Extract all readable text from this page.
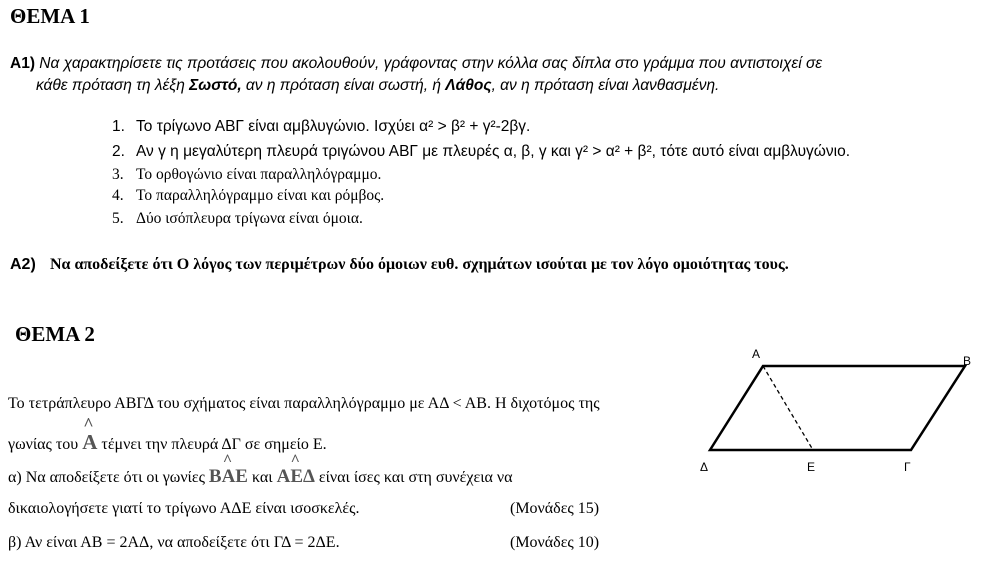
ΘΕΜΑ 1
A1) Να χαρακτηρίσετε τις προτάσεις που ακολουθούν, γράφοντας στην κόλλα σας δίπλα στο γράμμα που αντιστοιχεί σε
κάθε πρόταση τη λέξη Σωστό, αν η πρόταση είναι σωστή, ή Λάθος, αν η πρόταση είναι λανθασμένη.
1. Το τρίγωνο ΑΒΓ είναι αμβλυγώνιο. Ισχύει α² > β² + γ²-2βγ.
2. Αν γ η μεγαλύτερη πλευρά τριγώνου ΑΒΓ με πλευρές α, β, γ και γ² > α² + β², τότε αυτό είναι αμβλυγώνιο.
3. Το ορθογώνιο είναι παραλληλόγραμμο.
4. Το παραλληλόγραμμο είναι και ρόμβος.
5. Δύο ισόπλευρα τρίγωνα είναι όμοια.
A2) Να αποδείξετε ότι Ο λόγος των περιμέτρων δύο όμοιων ευθ. σχημάτων ισούται με τον λόγο ομοιότητας τους.
ΘΕΜΑ 2
Το τετράπλευρο ΑΒΓΔ του σχήματος είναι παραλληλόγραμμο με ΑΔ < ΑΒ. Η διχοτόμος της
γωνίας του Α
^
τέμνει την πλευρά ΔΓ σε σημείο Ε.
α) Να αποδείξετε ότι οι γωνίες ΒΑΕ
^
και ΑΕΔ
^
είναι ίσες και στη συνέχεια να
δικαιολογήσετε γιατί το τρίγωνο ΑΔΕ είναι ισοσκελές.	(Μονάδες 15)
β) Αν είναι ΑΒ = 2ΑΔ, να αποδείξετε ότι ΓΔ = 2ΔΕ.	(Μονάδες 10)
Α	Β
Γ
Δ	Ε
